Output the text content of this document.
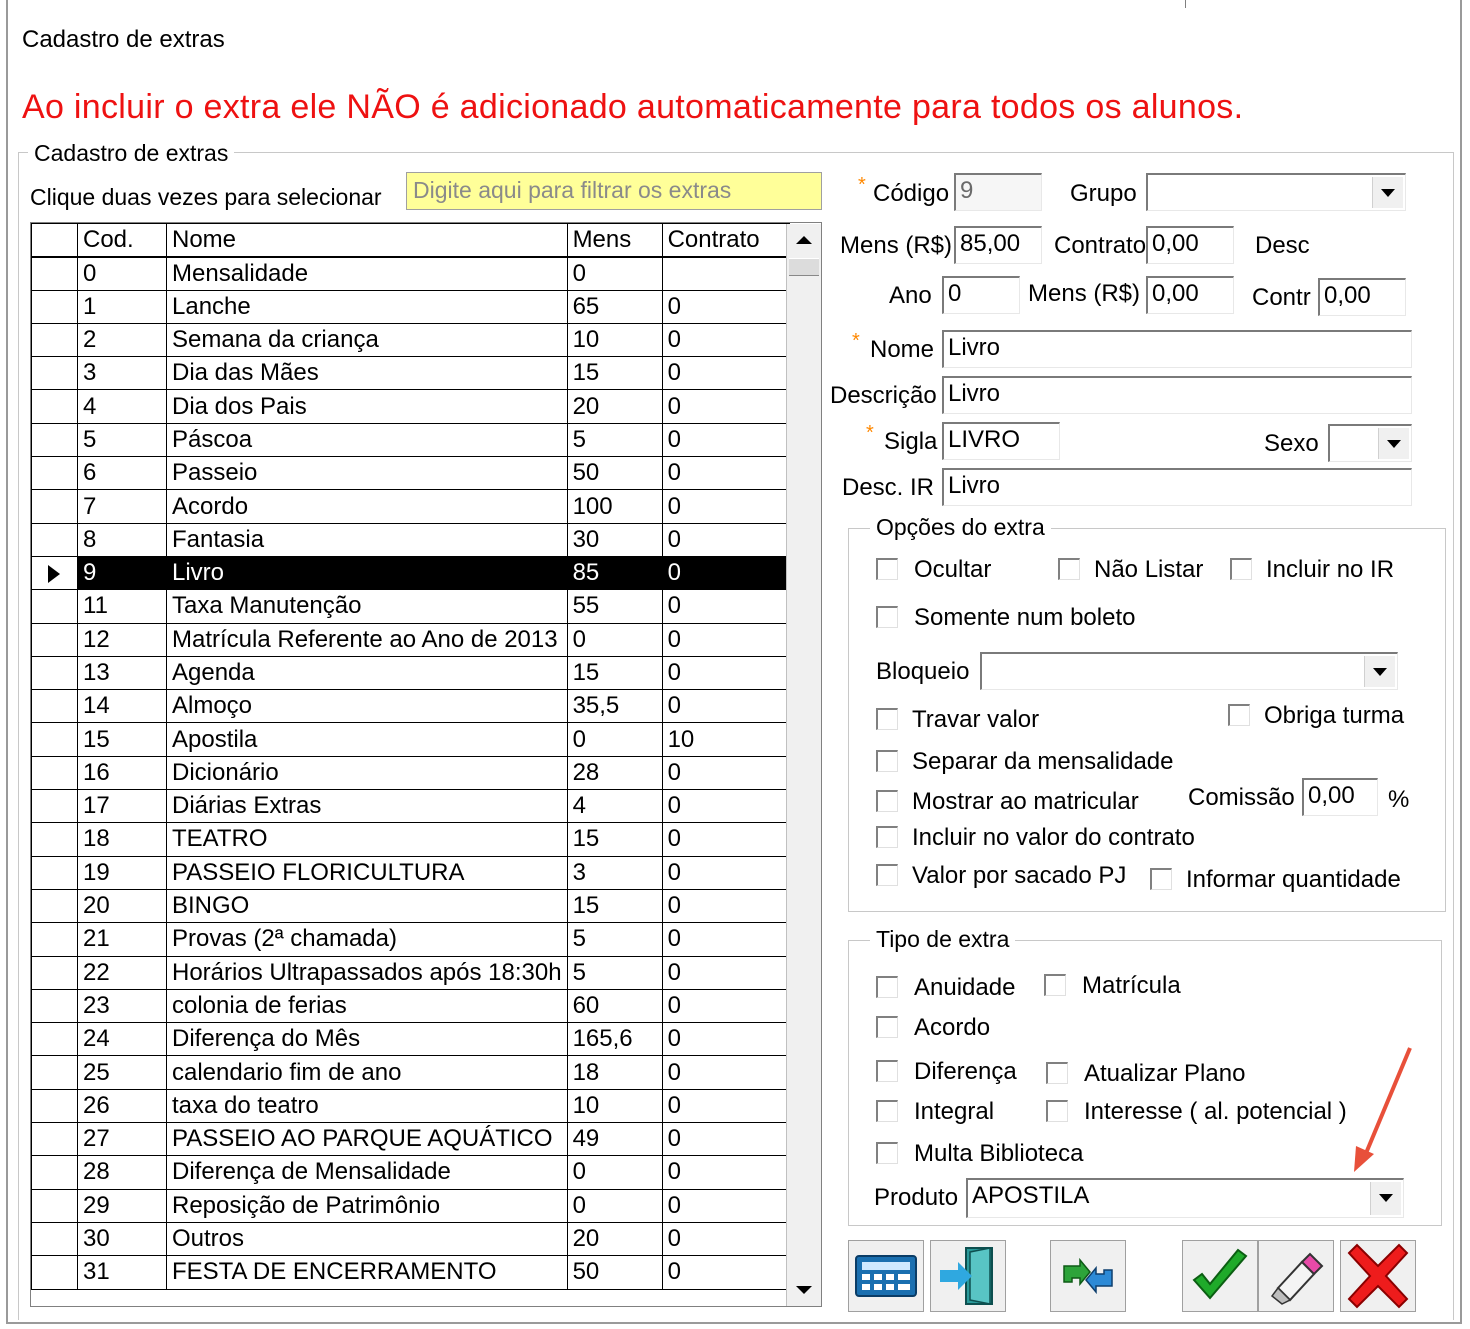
Cadastro de extras
Ao incluir o extra ele NÃO é adicionado automaticamente para todos os alunos.
Cadastro de extras
Clique duas vezes para selecionar	Digite aqui para filtrar os extras
	Cod.	Nome	Mens	Contrato
	0	Mensalidade	0	
	1	Lanche	65	0
	2	Semana da criança	10	0
	3	Dia das Mães	15	0
	4	Dia dos Pais	20	0
	5	Páscoa	5	0
	6	Passeio	50	0
	7	Acordo	100	0
	8	Fantasia	30	0

	9	Livro	85	0
	11	Taxa Manutenção	55	0
	12	Matrícula Referente ao Ano de 2013	0	0
	13	Agenda	15	0
	14	Almoço	35,5	0
	15	Apostila	0	10
	16	Dicionário	28	0
	17	Diárias Extras	4	0
	18	TEATRO	15	0
	19	PASSEIO FLORICULTURA	3	0
	20	BINGO	15	0
	21	Provas (2ª chamada)	5	0
	22	Horários Ultrapassados após 18:30h	5	0
	23	colonia de ferias	60	0
	24	Diferença do Mês	165,6	0
	25	calendario fim de ano	18	0
	26	taxa do teatro	10	0
	27	PASSEIO AO PARQUE AQUÁTICO	49	0
	28	Diferença de Mensalidade	0	0
	29	Reposição de Patrimônio	0	0
	30	Outros	20	0
	31	FESTA DE ENCERRAMENTO	50	0
* Código 9	Grupo
Mens (R$) 85,00	Contrato 0,00	Desc
Ano 0	Mens (R$) 0,00	Contr 0,00
* Nome Livro
Descrição Livro
* Sigla LIVRO	Sexo
Desc. IR Livro
Opções do extra
Ocultar	Não Listar	Incluir no IR
Somente num boleto
Bloqueio
Travar valor	Obriga turma
Separar da mensalidade
Mostrar ao matricular Comissão 0,00	%
Incluir no valor do contrato
Valor por sacado PJ Informar quantidade
Tipo de extra
Anuidade	Matrícula
Acordo
Diferença	Atualizar Plano
Integral	Interesse ( al. potencial )
Multa Biblioteca
Produto APOSTILA
